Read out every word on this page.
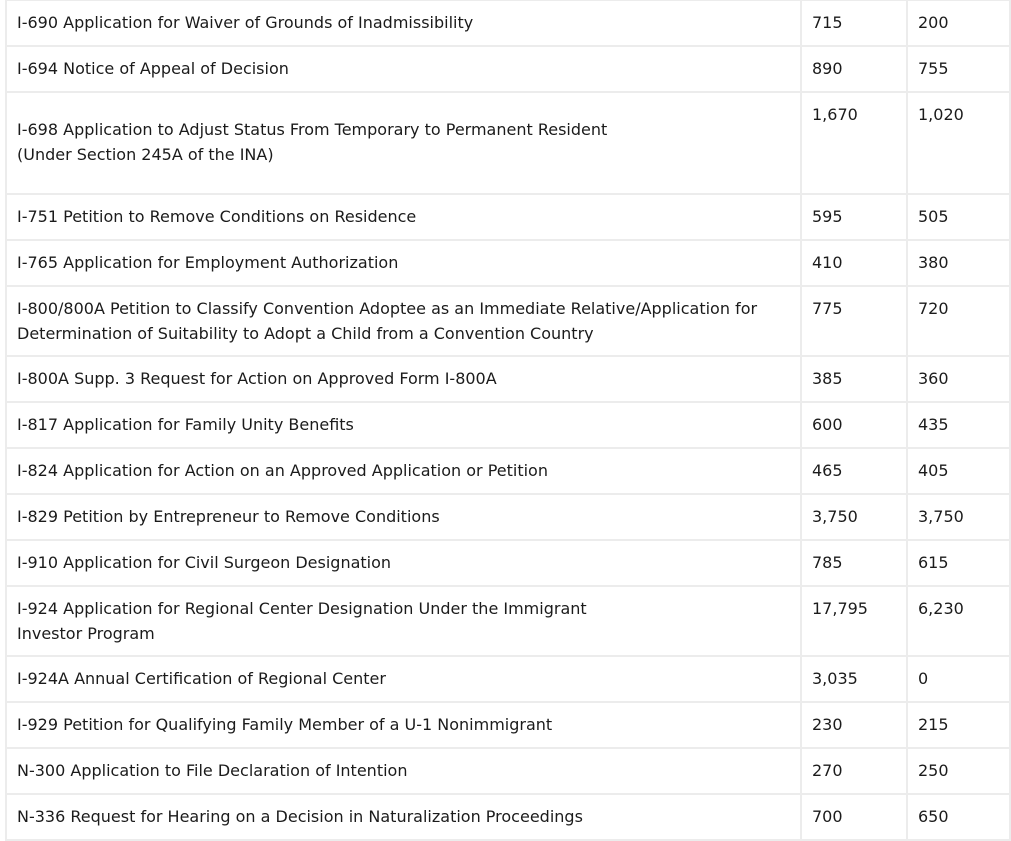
I-690 Application for Waiver of Grounds of Inadmissibility	715	200

I-694 Notice of Appeal of Decision	890	755

I-698 Application to Adjust Status From Temporary to Permanent Resident
(Under Section 245A of the INA)	1,670	1,020

I-751 Petition to Remove Conditions on Residence	595	505

I-765 Application for Employment Authorization	410	380

I-800/800A Petition to Classify Convention Adoptee as an Immediate Relative/Application for
Determination of Suitability to Adopt a Child from a Convention Country	775	720

I-800A Supp. 3 Request for Action on Approved Form I-800A	385	360

I-817 Application for Family Unity Benefits	600	435

I-824 Application for Action on an Approved Application or Petition	465	405

I-829 Petition by Entrepreneur to Remove Conditions	3,750	3,750

I-910 Application for Civil Surgeon Designation	785	615

I-924 Application for Regional Center Designation Under the Immigrant
Investor Program	17,795	6,230

I-924A Annual Certification of Regional Center	3,035	0

I-929 Petition for Qualifying Family Member of a U-1 Nonimmigrant	230	215

N-300 Application to File Declaration of Intention	270	250

N-336 Request for Hearing on a Decision in Naturalization Proceedings	700	650
